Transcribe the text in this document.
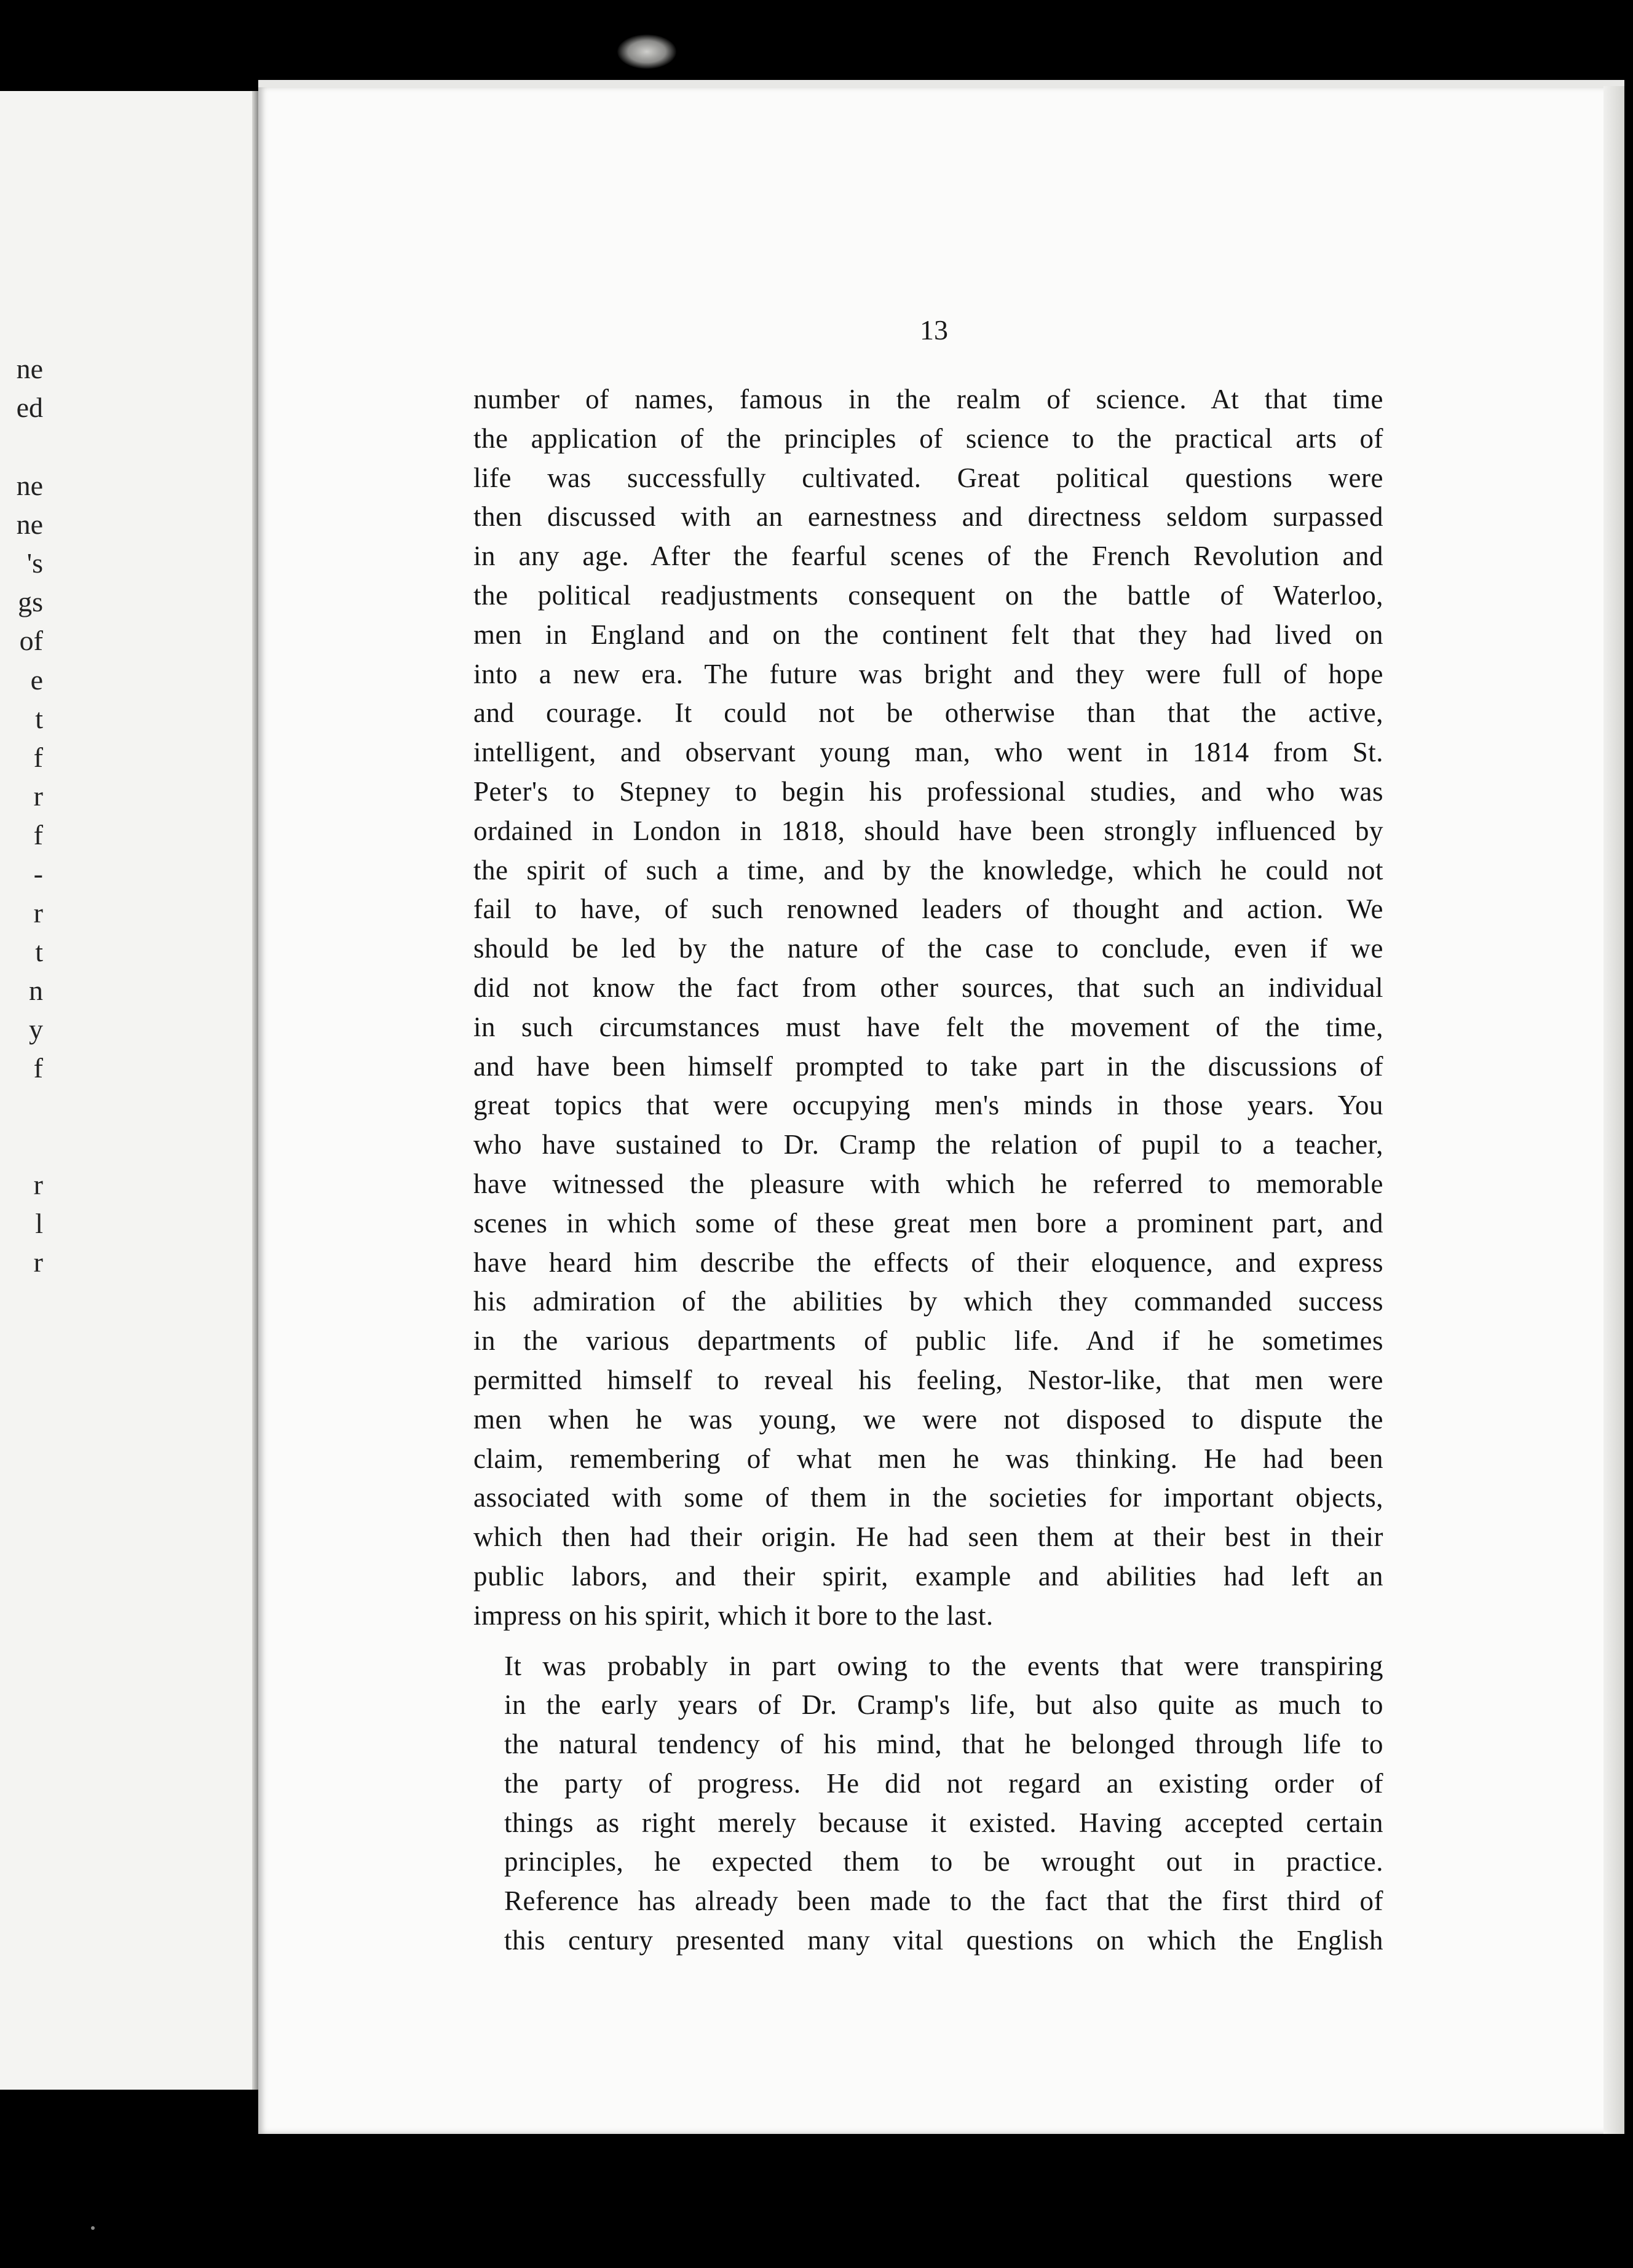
ne
ed
ne
ne
's
gs
of
e
t
f
r
f
-
r
t
n
y
f
r
l
r

13

number of names, famous in the realm of science. At that time
the application of the principles of science to the practical arts of
life was successfully cultivated. Great political questions were
then discussed with an earnestness and directness seldom surpassed
in any age. After the fearful scenes of the French Revolution and
the political readjustments consequent on the battle of Waterloo,
men in England and on the continent felt that they had lived on
into a new era. The future was bright and they were full of hope
and courage. It could not be otherwise than that the active,
intelligent, and observant young man, who went in 1814 from St.
Peter's to Stepney to begin his professional studies, and who was
ordained in London in 1818, should have been strongly influenced by
the spirit of such a time, and by the knowledge, which he could not
fail to have, of such renowned leaders of thought and action. We
should be led by the nature of the case to conclude, even if we
did not know the fact from other sources, that such an individual
in such circumstances must have felt the movement of the time,
and have been himself prompted to take part in the discussions of
great topics that were occupying men's minds in those years. You
who have sustained to Dr. Cramp the relation of pupil to a teacher,
have witnessed the pleasure with which he referred to memorable
scenes in which some of these great men bore a prominent part, and
have heard him describe the effects of their eloquence, and express
his admiration of the abilities by which they commanded success
in the various departments of public life. And if he sometimes
permitted himself to reveal his feeling, Nestor-like, that men were
men when he was young, we were not disposed to dispute the
claim, remembering of what men he was thinking. He had been
associated with some of them in the societies for important objects,
which then had their origin. He had seen them at their best in their
public labors, and their spirit, example and abilities had left an
impress on his spirit, which it bore to the last.

It was probably in part owing to the events that were transpiring
in the early years of Dr. Cramp's life, but also quite as much to
the natural tendency of his mind, that he belonged through life to
the party of progress. He did not regard an existing order of
things as right merely because it existed. Having accepted certain
principles, he expected them to be wrought out in practice.
Reference has already been made to the fact that the first third of
this century presented many vital questions on which the English
